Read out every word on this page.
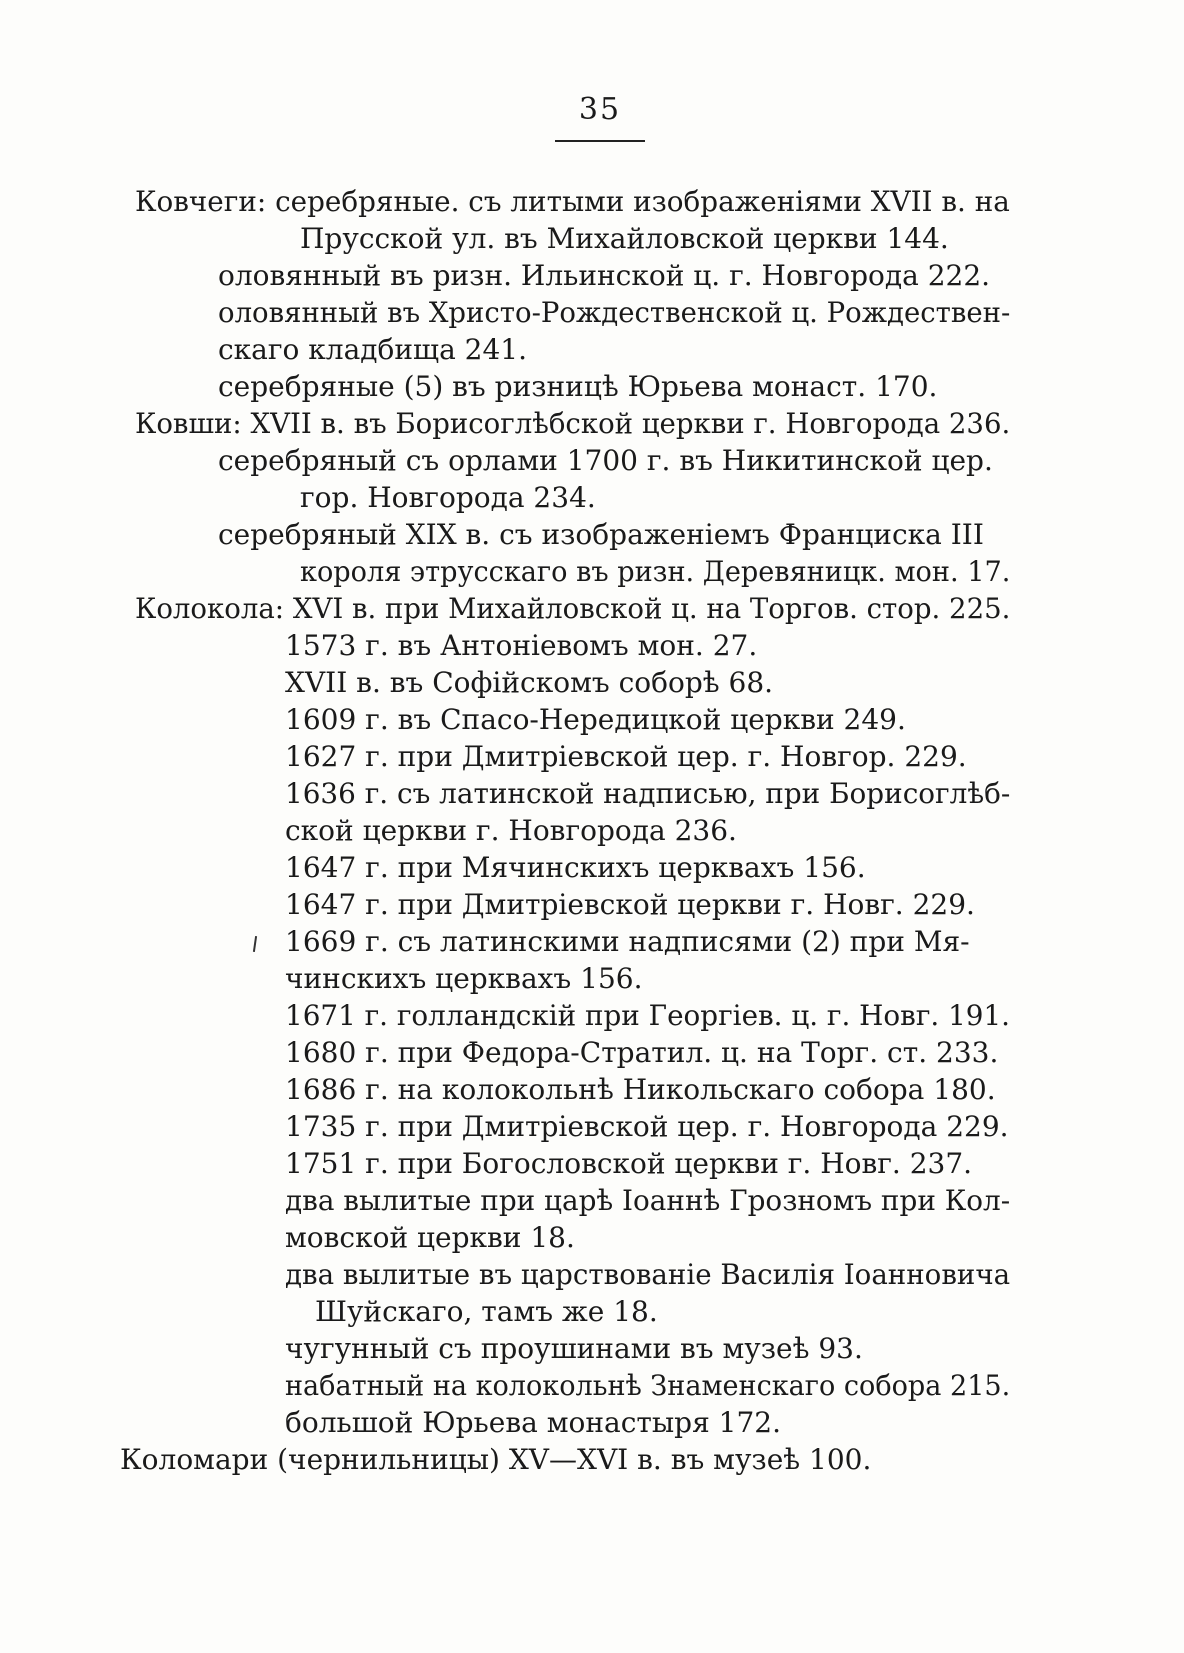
35
Ковчеги: серебряные. съ литыми изображеніями XVII в. на
Прусской ул. въ Михайловской церкви 144.
оловянный въ ризн. Ильинской ц. г. Новгорода 222.
оловянный въ Христо-Рождественской ц. Рождествен-
скаго кладбища 241.
серебряные (5) въ ризницѣ Юрьева монаст. 170.
Ковши: XVII в. въ Борисоглѣбской церкви г. Новгорода 236.
серебряный съ орлами 1700 г. въ Никитинской цер.
гор. Новгорода 234.
серебряный XIX в. съ изображеніемъ Франциска III
короля этрусскаго въ ризн. Деревяницк. мон. 17.
Колокола: XVI в. при Михайловской ц. на Торгов. стор. 225.
1573 г. въ Антоніевомъ мон. 27.
XVII в. въ Софійскомъ соборѣ 68.
1609 г. въ Спасо-Нередицкой церкви 249.
1627 г. при Дмитріевской цер. г. Новгор. 229.
1636 г. съ латинской надписью, при Борисоглѣб-
ской церкви г. Новгорода 236.
1647 г. при Мячинскихъ церквахъ 156.
1647 г. при Дмитріевской церкви г. Новг. 229.
1669 г. съ латинскими надписями (2) при Мя-
чинскихъ церквахъ 156.
1671 г. голландскій при Георгіев. ц. г. Новг. 191.
1680 г. при Федора-Стратил. ц. на Торг. ст. 233.
1686 г. на колокольнѣ Никольскаго собора 180.
1735 г. при Дмитріевской цер. г. Новгорода 229.
1751 г. при Богословской церкви г. Новг. 237.
два вылитые при царѣ Іоаннѣ Грозномъ при Кол-
мовской церкви 18.
два вылитые въ царствованіе Василія Іоанновича
Шуйскаго, тамъ же 18.
чугунный съ проушинами въ музеѣ 93.
набатный на колокольнѣ Знаменскаго собора 215.
большой Юрьева монастыря 172.
Коломари (чернильницы) XV—XVI в. въ музеѣ 100.
